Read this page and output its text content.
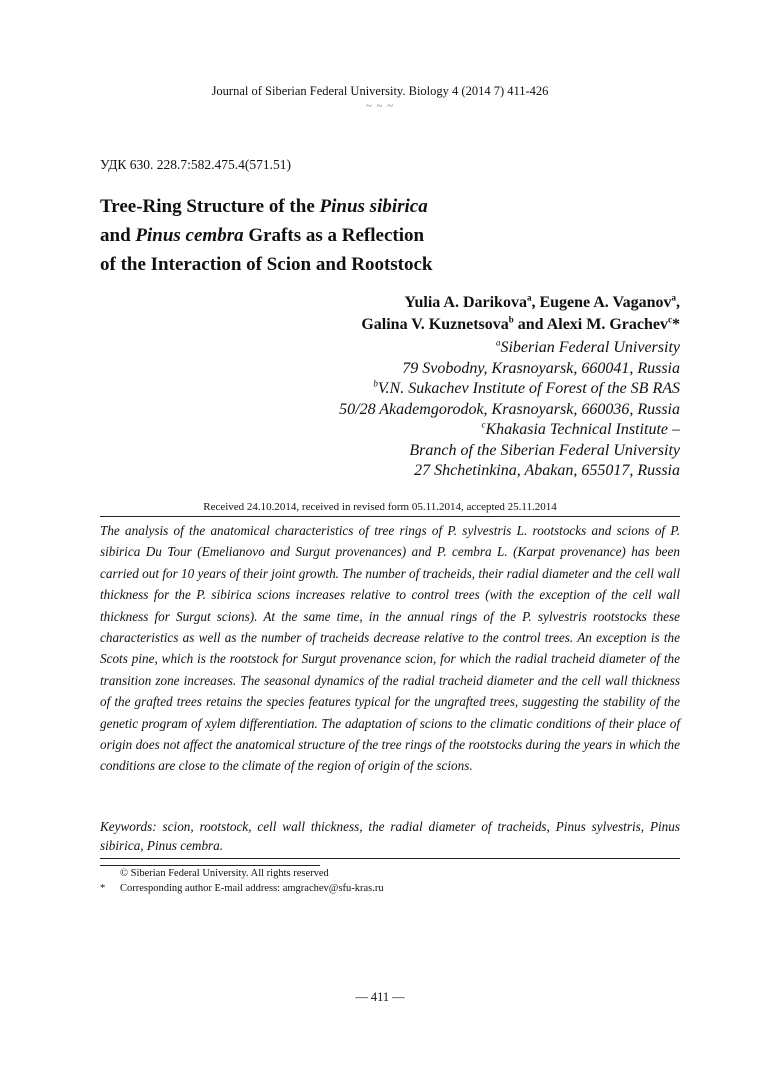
Journal of Siberian Federal University. Biology 4 (2014 7) 411-426
~ ~ ~
УДК 630. 228.7:582.475.4(571.51)
Tree-Ring Structure of the Pinus sibirica
and Pinus cembra Grafts as a Reflection
of the Interaction of Scion and Rootstock
Yulia A. Darikova$^a$, Eugene A. Vaganov$^a$,
Galina V. Kuznetsova$^b$ and Alexi M. Grachev$^c$*
$^a$Siberian Federal University
79 Svobodny, Krasnoyarsk, 660041, Russia
$^b$V.N. Sukachev Institute of Forest of the SB RAS
50/28 Akademgorodok, Krasnoyarsk, 660036, Russia
$^c$Khakasia Technical Institute –
Branch of the Siberian Federal University
27 Shchetinkina, Abakan, 655017, Russia
Received 24.10.2014, received in revised form 05.11.2014, accepted 25.11.2014
The analysis of the anatomical characteristics of tree rings of P. sylvestris L. rootstocks and scions of P. sibirica Du Tour (Emelianovo and Surgut provenances) and P. cembra L. (Karpat provenance) has been carried out for 10 years of their joint growth. The number of tracheids, their radial diameter and the cell wall thickness for the P. sibirica scions increases relative to control trees (with the exception of the cell wall thickness for Surgut scions). At the same time, in the annual rings of the P. sylvestris rootstocks these characteristics as well as the number of tracheids decrease relative to the control trees. An exception is the Scots pine, which is the rootstock for Surgut provenance scion, for which the radial tracheid diameter of the transition zone increases. The seasonal dynamics of the radial tracheid diameter and the cell wall thickness of the grafted trees retains the species features typical for the ungrafted trees, suggesting the stability of the genetic program of xylem differentiation. The adaptation of scions to the climatic conditions of their place of origin does not affect the anatomical structure of the tree rings of the rootstocks during the years in which the conditions are close to the climate of the region of origin of the scions.
Keywords: scion, rootstock, cell wall thickness, the radial diameter of tracheids, Pinus sylvestris, Pinus sibirica, Pinus cembra.
© Siberian Federal University. All rights reserved
* Corresponding author E-mail address: amgrachev@sfu-kras.ru
— 411 —
